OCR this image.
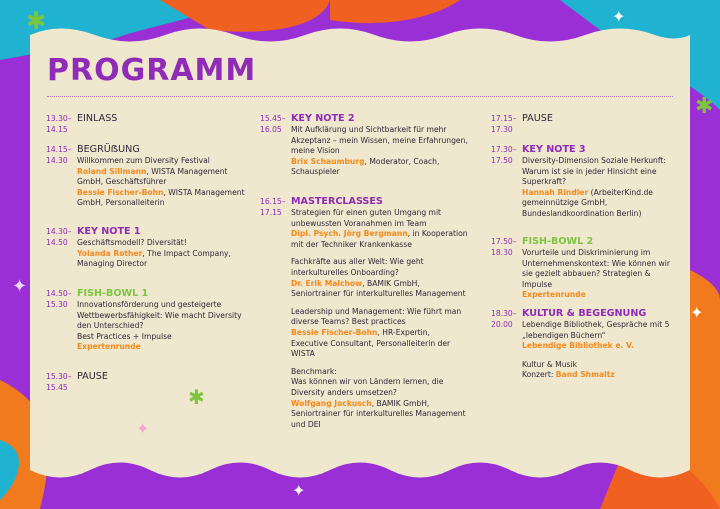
✱	✦
✱
✦
✱
✦
✦
✦
PROGRAMM
13.30–
14.15
EINLASS
14.15–
14.30
BEGRÜẞUNG
Willkommen zum Diversity Festival
Roland Sillmann, WISTA Management GmbH, Geschäftsführer
Bessie Fischer-Bohn, WISTA Management GmbH, Personalleiterin
14.30–
14.50
KEY NOTE 1
Geschäftsmodell? Diversität!
Yolanda Rother, The Impact Company, Managing Director
14.50–
15.30
FISH-BOWL 1
Innovationsförderung und gesteigerte Wettbewerbsfähigkeit: Wie macht Diversity den Unterschied?
Best Practices + Impulse
Expertenrunde
15.30–
15.45
PAUSE
15.45–
16.05
KEY NOTE 2
Mit Aufklärung und Sichtbarkeit für mehr Akzeptanz – mein Wissen, meine Erfahrungen, meine Vision
Brix Schaumburg, Moderator, Coach, Schauspieler
16.15–
17.15
MASTERCLASSES
Strategien für einen guten Umgang mit unbewussten Voranahmen im Team
Dipl. Psych. Jörg Bergmann, in Kooperation mit der Techniker Krankenkasse
Fachkräfte aus aller Welt: Wie geht interkulturelles Onboarding?
Dr. Erik Malchow, BAMIK GmbH, Seniortrainer für interkulturelles Management
Leadership und Management: Wie führt man diverse Teams? Best practices
Bessie Fischer-Bohn, HR-Expertin, Executive Consultant, Personalleiterin der WISTA
Benchmark:
Was können wir von Ländern lernen, die Diversity anders umsetzen?
Wolfgang Jockusch, BAMIK GmbH, Seniortrainer für interkulturelles Management und DEI
17.15–
17.30
PAUSE
17.30–
17.50
KEY NOTE 3
Diversity-Dimension Soziale Herkunft: Warum ist sie in jeder Hinsicht eine Superkraft?
Hannah Rindler (ArbeiterKind.de gemeinnützige GmbH, Bundeslandkoordination Berlin)
17.50–
18.30
FISH-BOWL 2
Vorurteile und Diskriminierung im Unternehmenskontext: Wie können wir sie gezielt abbauen? Strategien & Impulse
Expertenrunde
18.30–
20.00
KULTUR & BEGEGNUNG
Lebendige Bibliothek, Gespräche mit 5 „lebendigen Büchern“
Lebendige Bibliothek e. V.
Kultur & Musik
Konzert: Band Shmaltz
